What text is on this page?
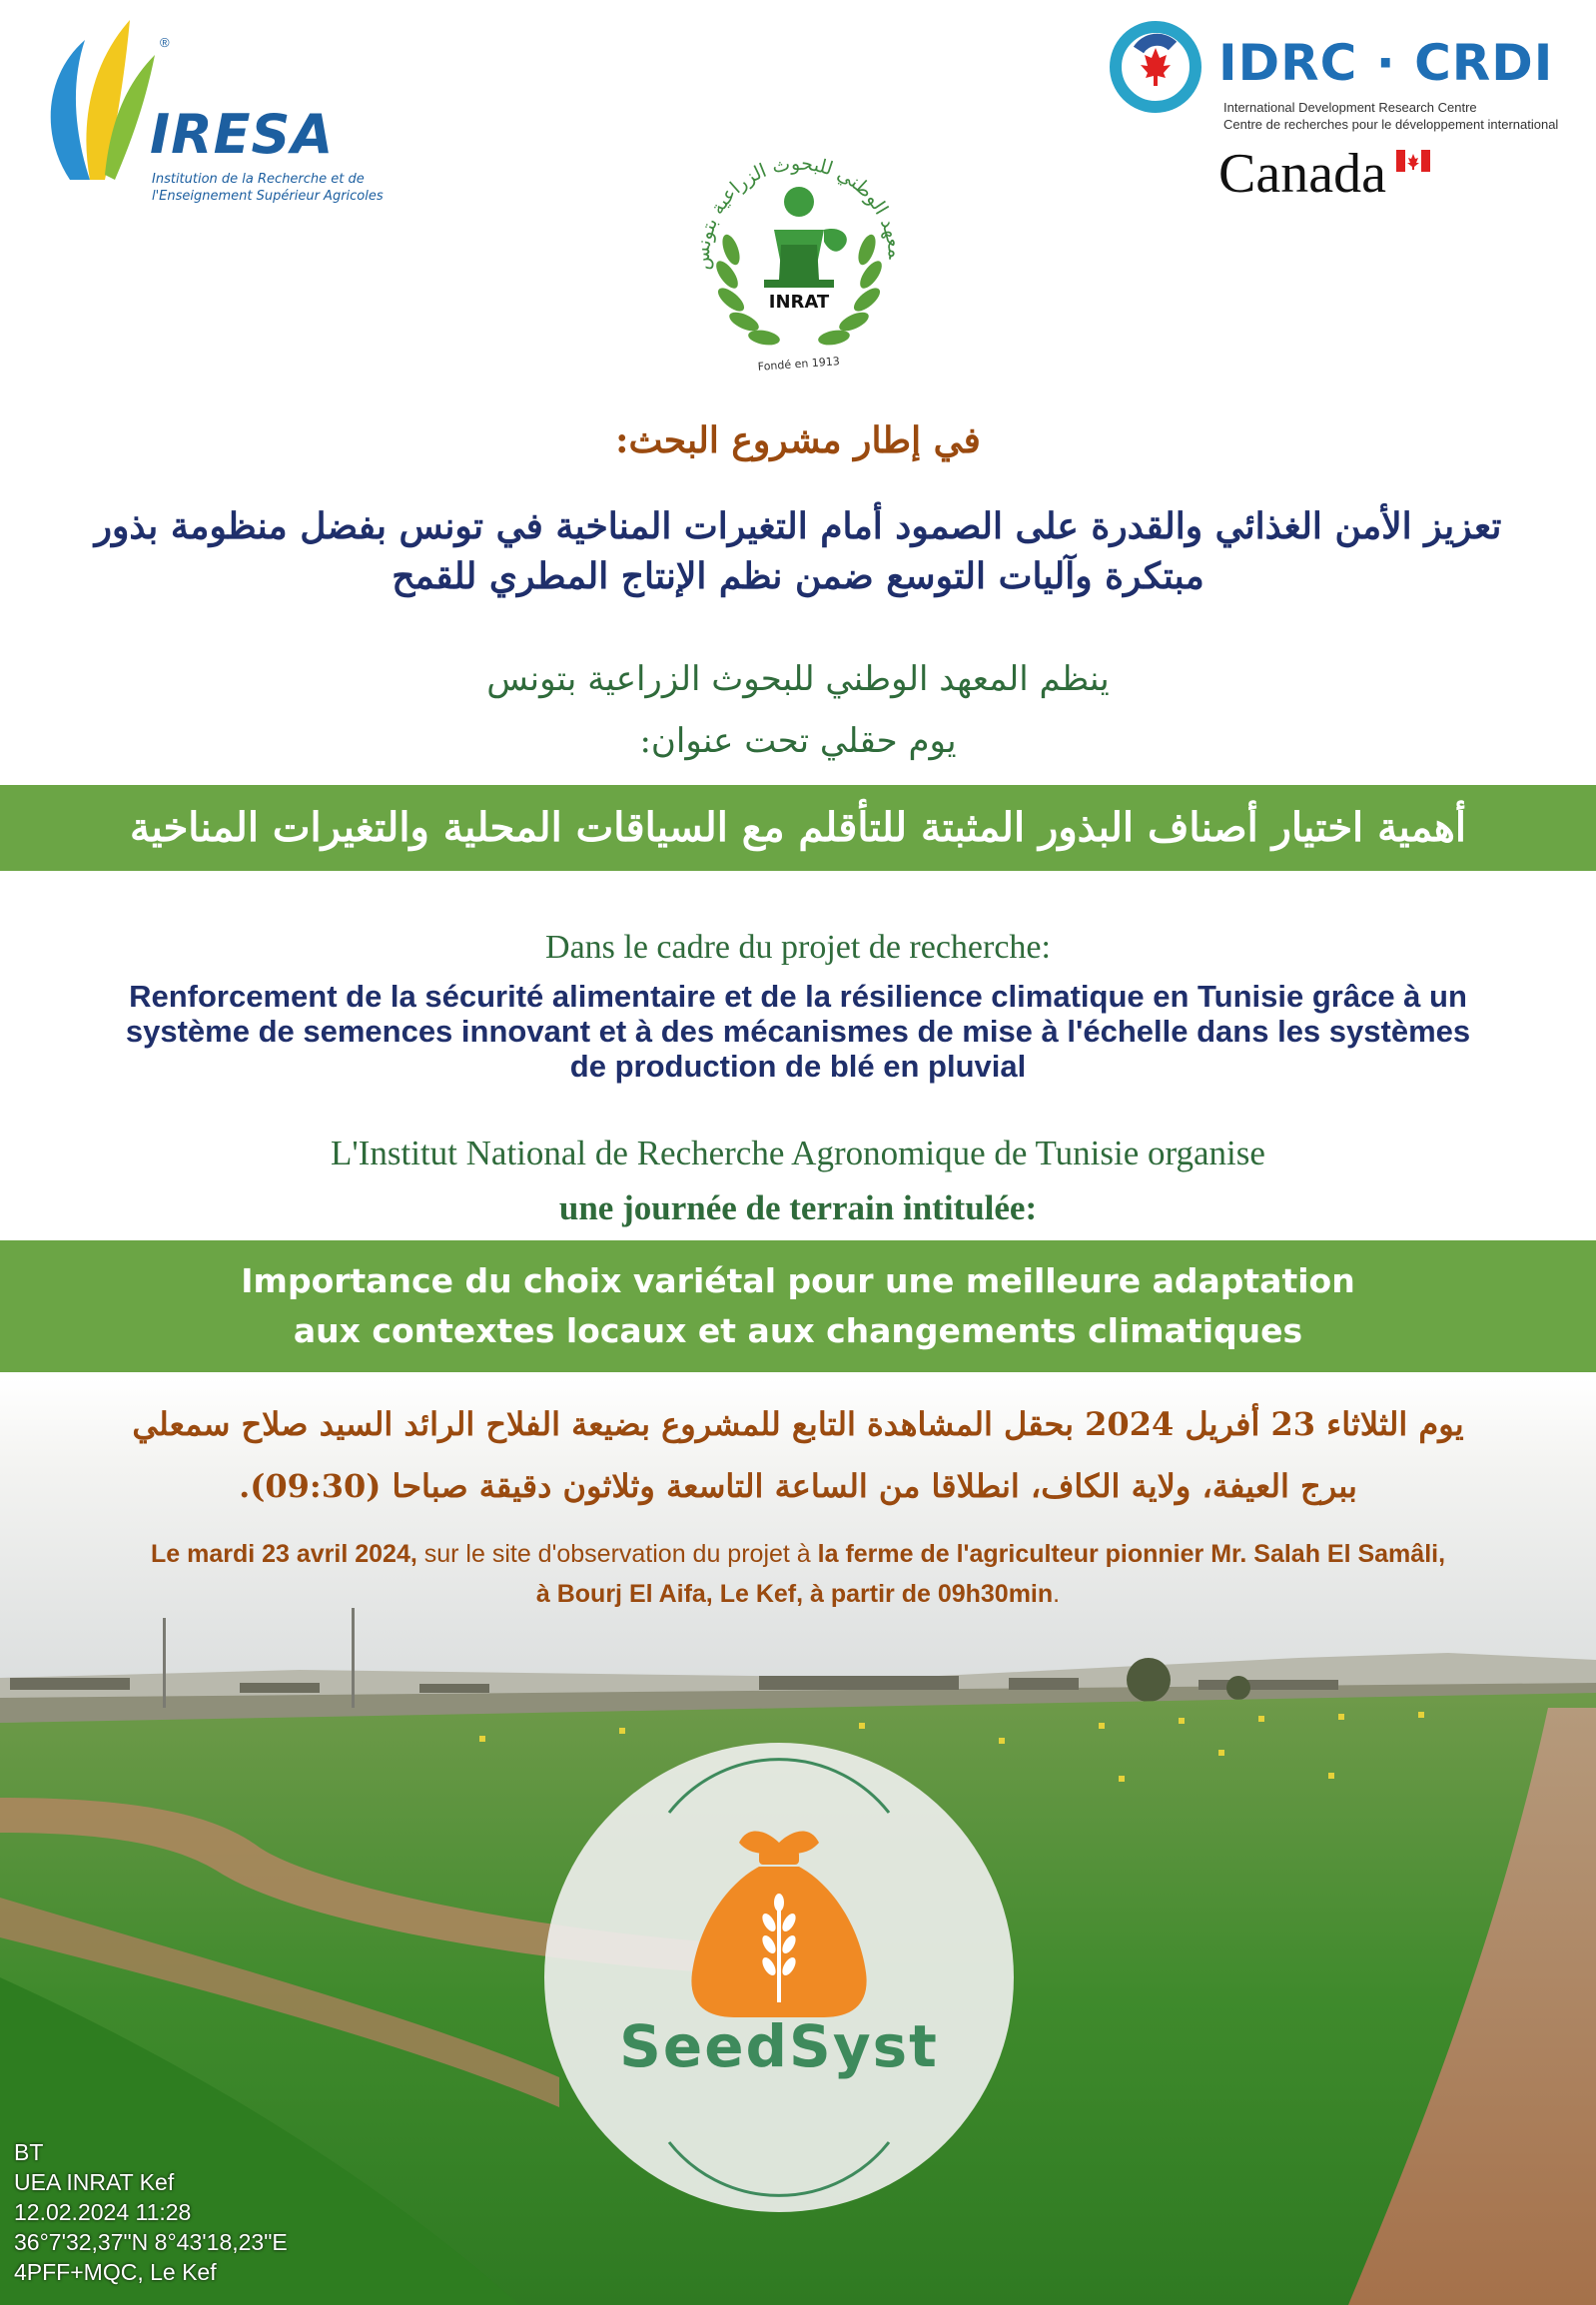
®
IRESA
Institution de la Recherche et de
l'Enseignement Supérieur Agricoles
IDRC · CRDI
International Development Research Centre
Centre de recherches pour le développement international
Canada
معهد الوطني للبحوث الزراعية بتونس
INRAT
Fondé en 1913
في إطار مشروع البحث:
تعزيز الأمن الغذائي والقدرة على الصمود أمام التغيرات المناخية في تونس بفضل منظومة بذور
مبتكرة وآليات التوسع ضمن نظم الإنتاج المطري للقمح
ينظم المعهد الوطني للبحوث الزراعية بتونس
يوم حقلي تحت عنوان:
أهمية اختيار أصناف البذور المثبتة للتأقلم مع السياقات المحلية والتغيرات المناخية
Dans le cadre du projet de recherche:
Renforcement de la sécurité alimentaire et de la résilience climatique en Tunisie grâce à un
système de semences innovant et à des mécanismes de mise à l'échelle dans les systèmes
de production de blé en pluvial
L'Institut National de Recherche Agronomique de Tunisie organise
une journée de terrain intitulée:
Importance du choix variétal pour une meilleure adaptation
aux contextes locaux et aux changements climatiques
يوم الثلاثاء 23 أفريل 2024 بحقل المشاهدة التابع للمشروع بضيعة الفلاح الرائد السيد صلاح سمعلي
ببرج العيفة، ولاية الكاف، انطلاقا من الساعة التاسعة وثلاثون دقيقة صباحا (09:30).
Le mardi 23 avril 2024, sur le site d'observation du projet à la ferme de l'agriculteur pionnier Mr. Salah El Samâli,
à Bourj El Aifa, Le Kef, à partir de 09h30min.
SeedSyst
BT
UEA INRAT Kef
12.02.2024 11:28
36°7'32,37"N 8°43'18,23"E
4PFF+MQC, Le Kef
